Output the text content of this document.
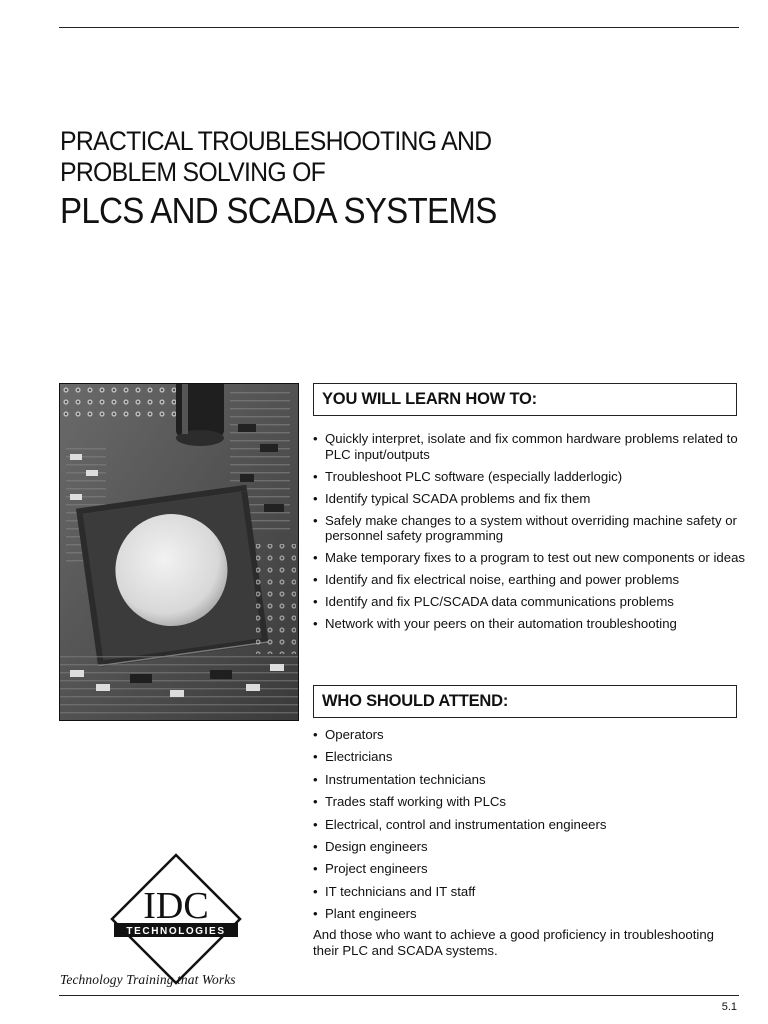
PRACTICAL TROUBLESHOOTING AND
PROBLEM SOLVING OF
PLCS AND SCADA SYSTEMS
YOU WILL LEARN HOW TO:
• Quickly interpret, isolate and fix common hardware problems related to PLC input/outputs
• Troubleshoot PLC software (especially ladderlogic)
• Identify typical SCADA problems and fix them
• Safely make changes to a system without overriding machine safety or personnel safety programming
• Make temporary fixes to a program to test out new components or ideas
• Identify and fix electrical noise, earthing and power problems
• Identify and fix PLC/SCADA data communications problems
• Network with your peers on their automation troubleshooting
WHO SHOULD ATTEND:
• Operators
• Electricians
• Instrumentation technicians
• Trades staff working with PLCs
• Electrical, control and instrumentation engineers
• Design engineers
• Project engineers
• IT technicians and IT staff
• Plant engineers
And those who want to achieve a good proficiency in troubleshooting their PLC and SCADA systems.
IDC
TECHNOLOGIES
Technology Training that Works
5.1
